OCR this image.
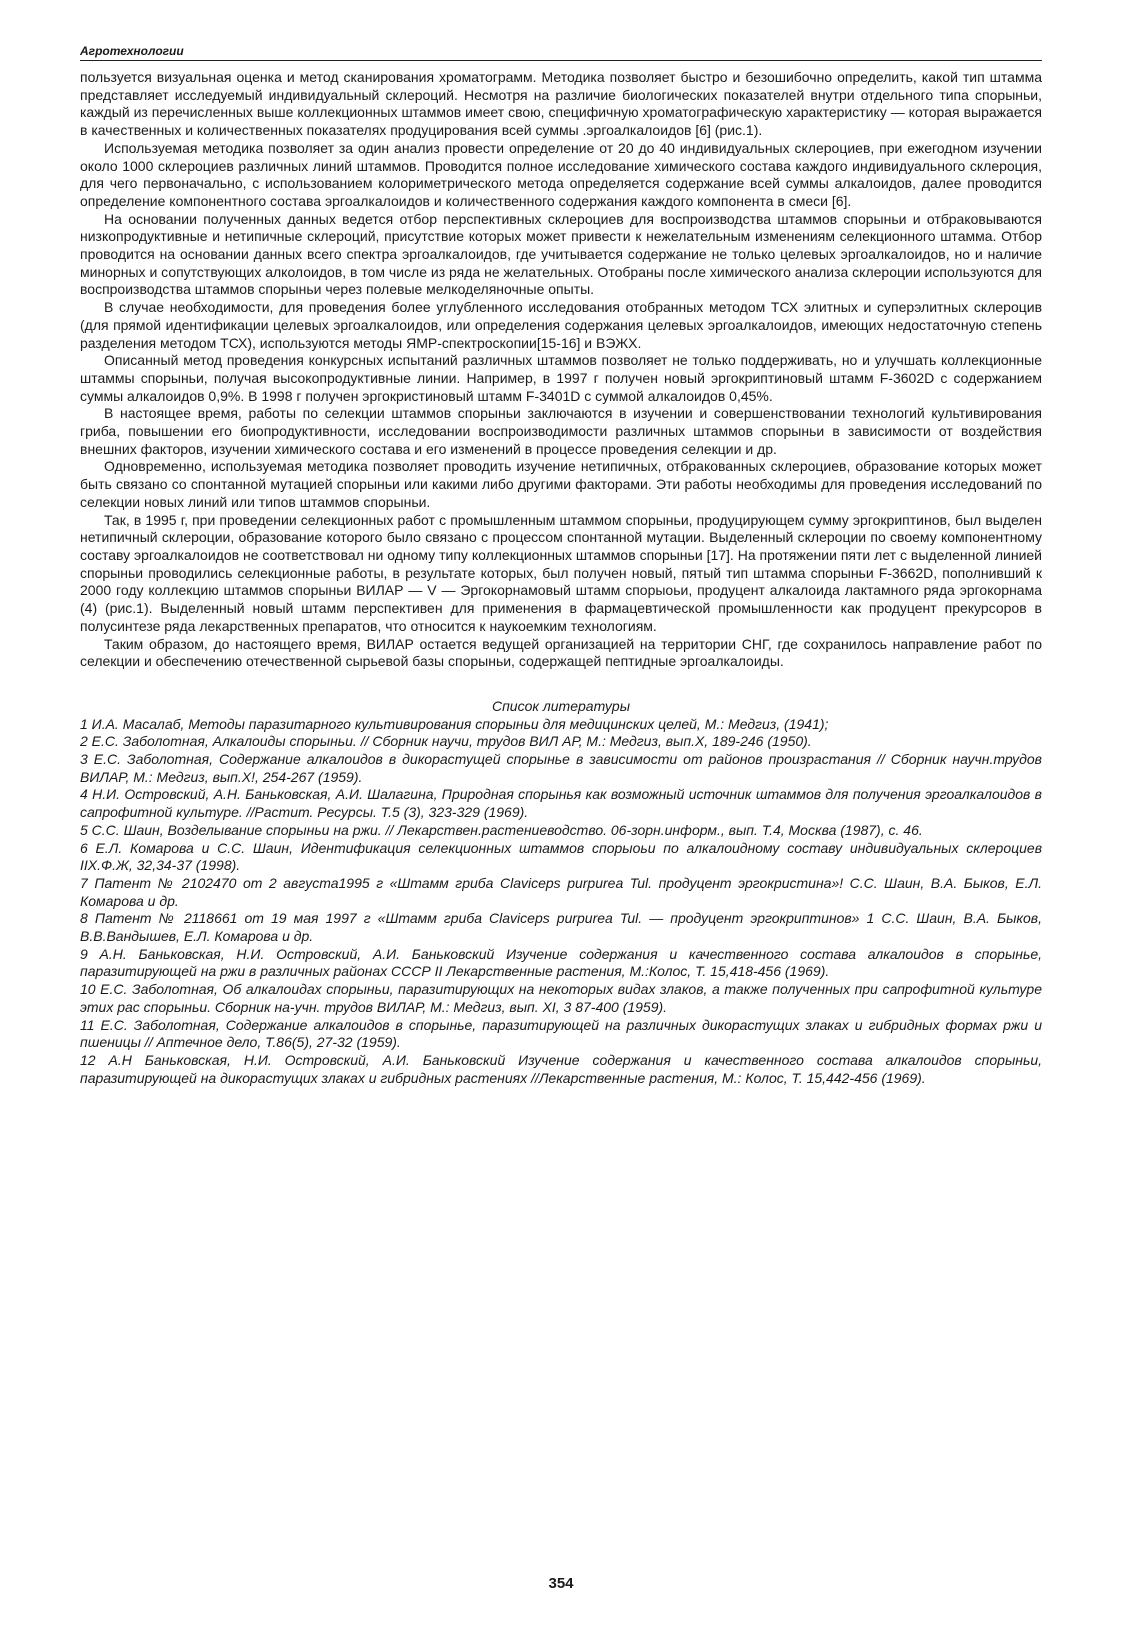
Агротехнологии

пользуется визуальная оценка и метод сканирования хроматограмм. Методика позволяет быстро и безошибочно определить, какой тип штамма представляет исследуемый индивидуальный склероций. Несмотря на различие биологических показателей внутри отдельного типа спорыньи, каждый из перечисленных выше коллекционных штаммов имеет свою, специфичную хроматографическую характеристику — которая выражается в качественных и количественных показателях продуцирования всей суммы .эргоалкалоидов [6] (рис.1).

Используемая методика позволяет за один анализ провести определение от 20 до 40 индивидуальных склероциев, при ежегодном изучении около 1000 склероциев различных линий штаммов. Проводится полное исследование химического состава каждого индивидуального склероция, для чего первоначально, с использованием колориметрического метода определяется содержание всей суммы алкалоидов, далее проводится определение компонентного состава эргоалкалоидов и количественного содержания каждого компонента в смеси [6].

На основании полученных данных ведется отбор перспективных склероциев для воспроизводства штаммов спорыньи и отбраковываются низкопродуктивные и нетипичные склероций, присутствие которых может привести к нежелательным изменениям селекционного штамма. Отбор проводится на основании данных всего спектра эргоалкалоидов, где учитывается содержание не только целевых эргоалкалоидов, но и наличие минорных и сопутствующих алколоидов, в том числе из ряда не желательных. Отобраны после химического анализа склероции используются для воспроизводства штаммов спорыньи через полевые мелкоделяночные опыты.

В случае необходимости, для проведения более углубленного исследования отобранных методом ТСХ элитных и суперэлитных склероцив (для прямой идентификации целевых эргоалкалоидов, или определения содержания целевых эргоалкалоидов, имеющих недостаточную степень разделения методом ТСХ), используются методы ЯМР-спектроскопии[15-16] и ВЭЖХ.

Описанный метод проведения конкурсных испытаний различных штаммов позволяет не только поддерживать, но и улучшать коллекционные штаммы спорыньи, получая высокопродуктивные линии. Например, в 1997 г получен новый эргокриптиновый штамм F-3602D с содержанием суммы алкалоидов 0,9%. В 1998 г получен эргокристиновый штамм F-3401D с суммой алкалоидов 0,45%.

В настоящее время, работы по селекции штаммов спорыньи заключаются в изучении и совершенствовании технологий культивирования гриба, повышении его биопродуктивности, исследовании воспроизводимости различных штаммов спорыньи в зависимости от воздействия внешних факторов, изучении химического состава и его изменений в процессе проведения селекции и др.

Одновременно, используемая методика позволяет проводить изучение нетипичных, отбракованных склероциев, образование которых может быть связано со спонтанной мутацией спорыньи или какими либо другими факторами. Эти работы необходимы для проведения исследований по селекции новых линий или типов штаммов спорыньи.

Так, в 1995 г, при проведении селекционных работ с промышленным штаммом спорыньи, продуцирующем сумму эргокриптинов, был выделен нетипичный склероции, образование которого было связано с процессом спонтанной мутации. Выделенный склероции по своему компонентному составу эргоалкалоидов не соответствовал ни одному типу коллекционных штаммов спорыньи [17]. На протяжении пяти лет с выделенной линией спорыньи проводились селекционные работы, в результате которых, был получен новый, пятый тип штамма спорыньи F-3662D, пополнивший к 2000 году коллекцию штаммов спорыньи ВИЛАР — V — Эргокорнамовый штамм спорыоьи, продуцент алкалоида лактамного ряда эргокорнама (4) (рис.1). Выделенный новый штамм перспективен для применения в фармацевтической промышленности как продуцент прекурсоров в полусинтезе ряда лекарственных препаратов, что относится к наукоемким технологиям.

Таким образом, до настоящего время, ВИЛАР остается ведущей организацией на территории СНГ, где сохранилось направление работ по селекции и обеспечению отечественной сырьевой базы спорыньи, содержащей пептидные эргоалкалоиды.

Список литературы

1 И.А. Масалаб, Методы паразитарного культивирования спорыньи для медицинских целей, М.: Медгиз, (1941);

2 Е.С. Заболотная, Алкалоиды спорыньи. // Сборник научи, трудов ВИЛ АР, М.: Медгиз, вып.Х, 189-246 (1950).

3 Е.С. Заболотная, Содержание алкалоидов в дикорастущей спорынье в зависимости от районов произрастания // Сборник научн.трудов ВИЛАР, М.: Медгиз, вып.Х!, 254-267 (1959).

4 Н.И. Островский, А.Н. Баньковская, А.И. Шалагина, Природная спорынья как возможный источник штаммов для получения эргоалкалоидов в сапрофитной культуре. //Растит. Ресурсы. Т.5 (3), 323-329 (1969).

5 С.С. Шаин, Возделывание спорыньи на ржи. // Лекарствен.растениеводство. 06-зорн.информ., вып. Т.4, Москва (1987), с. 46.

6 Е.Л. Комарова и С.С. Шаин, Идентификация селекционных штаммов спорыоьи по алкалоидному составу индивидуальных склероциев IIХ.Ф.Ж, 32,34-37 (1998).

7 Патент № 2102470 от 2 августа1995 г «Штамм гриба Claviceps purpurea Tul. продуцент эргокристина»! С.С. Шаин, В.А. Быков, Е.Л. Комарова и др.

8 Патент № 2118661 от 19 мая 1997 г «Штамм гриба Claviceps purpurea Tul. — продуцент эргокриптинов» 1 С.С. Шаин, В.А. Быков, В.В.Вандышев, Е.Л. Комарова и др.

9 А.Н. Баньковская, Н.И. Островский, А.И. Баньковский Изучение содержания и качественного состава алкалоидов в спорынье, паразитирующей на ржи в различных районах СССР II Лекарственные растения, М.:Колос, Т. 15,418-456 (1969).

10 Е.С. Заболотная, Об алкалоидах спорыньи, паразитирующих на некоторых видах злаков, а также полученных при сапрофитной культуре этих рас спорыньи. Сборник на-учн. трудов ВИЛАР, М.: Медгиз, вып. XI, 3 87-400 (1959).

11 Е.С. Заболотная, Содержание алкалоидов в спорынье, паразитирующей на различных дикорастущих злаках и гибридных формах ржи и пшеницы // Аптечное дело, Т.86(5), 27-32 (1959).

12 А.Н Баньковская, Н.И. Островский, А.И. Баньковский Изучение содержания и качественного состава алкалоидов спорыньи, паразитирующей на дикорастущих злаках и гибридных растениях //Лекарственные растения, М.: Колос, Т. 15,442-456 (1969).

354
